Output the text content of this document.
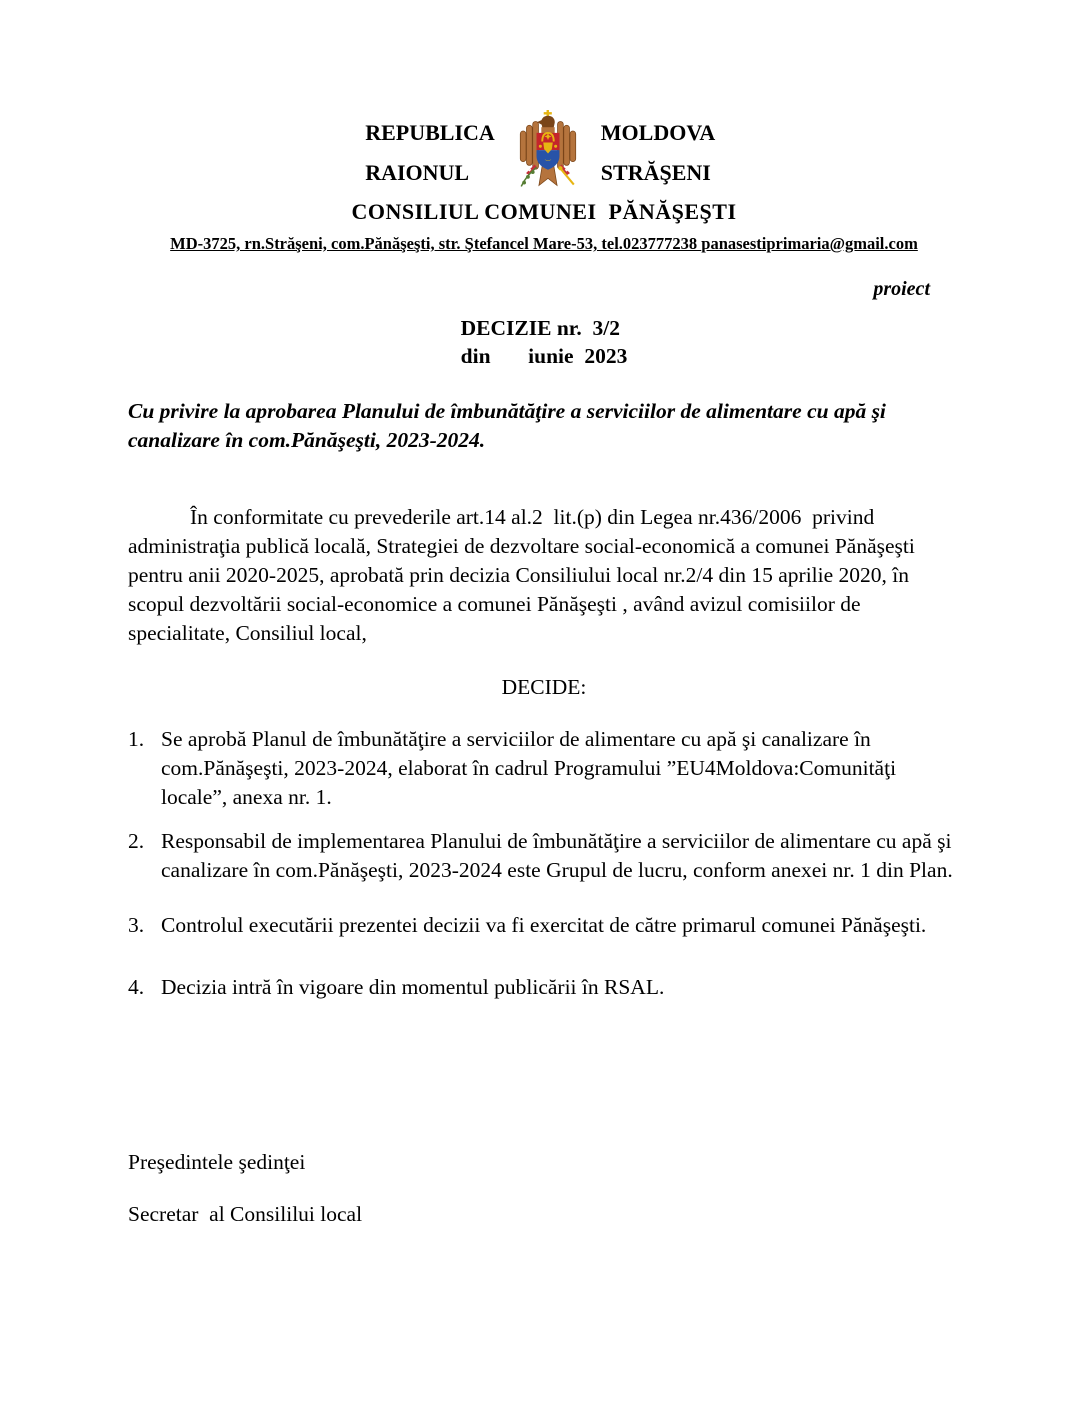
REPUBLICA
RAIONUL
MOLDOVA
STRĂŞENI
CONSILIUL COMUNEI  PĂNĂŞEŞTI
MD-3725, rn.Străşeni, com.Pănăşeşti, str. Ştefancel Mare-53, tel.023777238 panasestiprimaria@gmail.com
proiect
DECIZIE nr.  3/2
din       iunie  2023
Cu privire la aprobarea Planului de îmbunătăţire a serviciilor de alimentare cu apă şi canalizare în com.Pănăşeşti, 2023-2024.
În conformitate cu prevederile art.14 al.2  lit.(p) din Legea nr.436/2006  privind administraţia publică locală, Strategiei de dezvoltare social-economică a comunei Pănăşeşti pentru anii 2020-2025, aprobată prin decizia Consiliului local nr.2/4 din 15 aprilie 2020, în scopul dezvoltării social-economice a comunei Pănăşeşti , având avizul comisiilor de specialitate, Consiliul local,
DECIDE:
1. Se aprobă Planul de îmbunătăţire a serviciilor de alimentare cu apă şi canalizare în com.Pănăşeşti, 2023-2024, elaborat în cadrul Programului ”EU4Moldova:Comunităţi locale”, anexa nr. 1.
2. Responsabil de implementarea Planului de îmbunătăţire a serviciilor de alimentare cu apă şi canalizare în com.Pănăşeşti, 2023-2024 este Grupul de lucru, conform anexei nr. 1 din Plan.
3. Controlul executării prezentei decizii va fi exercitat de către primarul comunei Pănăşeşti.
4. Decizia intră în vigoare din momentul publicării în RSAL.
Preşedintele şedinţei
Secretar  al Consililui local
